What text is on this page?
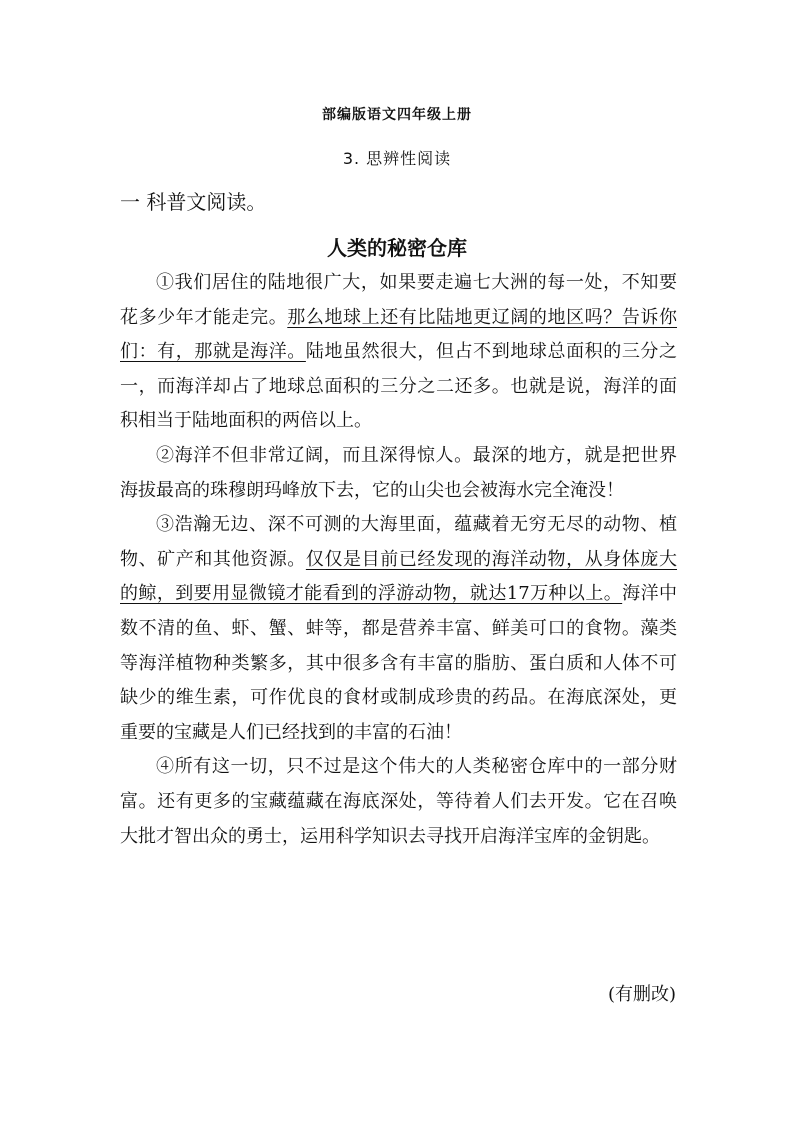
部编版语文四年级上册
3. 思辨性阅读
一 科普文阅读。
人类的秘密仓库

①我们居住的陆地很广大，如果要走遍七大洲的每一处，不知要花多少年才能走完。那么地球上还有比陆地更辽阔的地区吗？告诉你们：有，那就是海洋。陆地虽然很大，但占不到地球总面积的三分之一，而海洋却占了地球总面积的三分之二还多。也就是说，海洋的面积相当于陆地面积的两倍以上。

②海洋不但非常辽阔，而且深得惊人。最深的地方，就是把世界海拔最高的珠穆朗玛峰放下去，它的山尖也会被海水完全淹没！

③浩瀚无边、深不可测的大海里面，蕴藏着无穷无尽的动物、植物、矿产和其他资源。仅仅是目前已经发现的海洋动物，从身体庞大的鲸，到要用显微镜才能看到的浮游动物，就达17万种以上。海洋中数不清的鱼、虾、蟹、蚌等，都是营养丰富、鲜美可口的食物。藻类等海洋植物种类繁多，其中很多含有丰富的脂肪、蛋白质和人体不可缺少的维生素，可作优良的食材或制成珍贵的药品。在海底深处，更重要的宝藏是人们已经找到的丰富的石油！

④所有这一切，只不过是这个伟大的人类秘密仓库中的一部分财富。还有更多的宝藏蕴藏在海底深处，等待着人们去开发。它在召唤大批才智出众的勇士，运用科学知识去寻找开启海洋宝库的金钥匙。

(有删改)
